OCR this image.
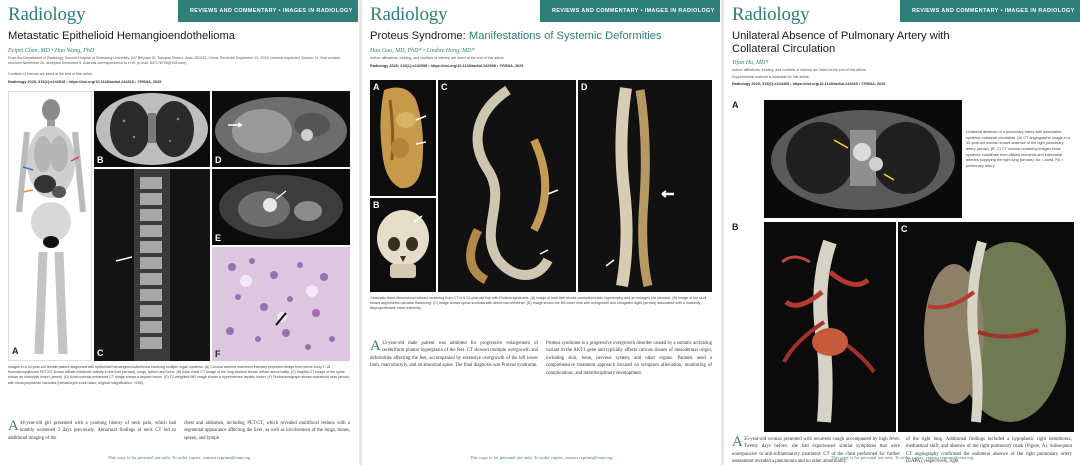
Radiology	REVIEWS AND COMMENTARY • IMAGES IN RADIOLOGY
Metastatic Epithelioid Hemangioendothelioma
Peipei Chen, MD • Hao Wang, PhD
From the Department of Radiology, Second Hospital of Shandong University, 247 Beiyuan St, Tianqiao District, Jinan 250033, China. Received September 19, 2024; revision requested October 21; final revision received November 26; accepted December 6. Address correspondence to H.W. (e-mail: 847176755@163.com).
Conflicts of interest are listed at the end of this article.
Radiology 2025; 315(1):e242818 • https://doi.org/10.1148/radiol.242818 • ©RSNA, 2025
A
B	D
C
E
F
Images in a 44-year-old female patient diagnosed with epithelioid hemangioendothelioma involving multiple organ systems. (A) Coronal anterior maximum intensity projection image from whole-body F-18 fluorodeoxyglucose PET/CT shows diffuse metabolic activity in the liver (arrows), lungs, spleen and bone. (B) Axial chest CT image of the lung window shows diffuse abnormality. (C) Sagittal CT image of the spine shows an osteolytic lesion (arrow). (D) Axial contrast-enhanced CT image shows a hepatic lesion. (E) T2-weighted MR image shows a hyperintense hepatic lesion. (F) Photomicrograph shows epithelioid cells (arrow) with intracytoplasmic vacuoles (hematoxylin-eosin stain; original magnification, ×200).
A 44-year-old girl presented with a yearlong history of neck pain, which had notably worsened 2 days previously. Abnormal findings at neck CT led to additional imaging of the
chest and abdomen, including PET/CT, which revealed multifocal lesions with a segmental appearance affecting the liver, as well as involvement of the lungs, bones, spleen, and lymph
This copy is for personal use only. To order copies, contact reprints@rsna.org
Radiology	REVIEWS AND COMMENTARY • IMAGES IN RADIOLOGY
Proteus Syndrome: Manifestations of Systemic Deformities
Hao Guo, MD, PhD* • Lindsie Hong, MD*
Author affiliations, funding, and conflicts of interest are listed at the end of this article.
Radiology 2025; 315(1):e242998 • https://doi.org/10.1148/radiol.242998 • ©RSNA, 2025
A
B
C	D
Cinematic three-dimensional volume rendering from CT in a 13-year-old boy with Proteus syndrome. (A) Image of both feet shows cerebriform sole hypertrophy and an enlarged toe (arrows). (B) Image of the skull shows asymmetric calvarial thickening. (C) Image shows spinal scoliosis with abnormal vertebrae. (D) Image shows the left lower limb with overgrowth and elongated digits (arrows) associated with a markedly disproportionate lower extremity.
A 13-year-old male patient was admitted for progressive enlargement of cerebriform plantar hyperplasia of the feet. CT showed multiple overgrowth and deformities affecting the feet, accompanied by extensive overgrowth of the left lower limb, macrodactyly, and an abnormal spine. The final diagnosis was Proteus syndrome.
Proteus syndrome is a progressive overgrowth disorder caused by a somatic activating variant in the AKT1 gene and typically affects various tissues of mesodermal origin, including skin, bone, nervous system, and other organs. Patients need a comprehensive treatment approach focused on symptom alleviation, monitoring of complications, and interdisciplinary development.
This copy is for personal use only. To order copies, contact reprints@rsna.org
Radiology	REVIEWS AND COMMENTARY • IMAGES IN RADIOLOGY
Unilateral Absence of Pulmonary Artery with Collateral Circulation
Yifan Hu, MD*
Author affiliations, funding, and conflicts of interest are listed at the end of this article.
Supplemental material is available for this article.
Radiology 2025; 315(1):e243465 • https://doi.org/10.1148/radiol.243465 • ©RSNA, 2025
A
Unilateral absence of a pulmonary artery with associated systemic collateral circulation. (A) CT angiographic image in a 35-year-old woman shows absence of the right pulmonary artery (arrow). (B, C) CT volume-rendering images show systemic collaterals from dilated bronchial and intercostal arteries supplying the right lung (arrows). Ao = aorta, PA = pulmonary artery.
B	C
A 35-year-old woman presented with recurrent cough accompanied by high fever. Twenty days before, she had experienced similar symptoms that were unresponsive to anti-inflammatory treatment. CT of the chest performed for further assessment revealed a pneumonia and no other abnormality.
of the right lung. Additional findings included a hypoplastic right hemithorax, mediastinal shift, and absence of the right pulmonary trunk (Figure, A). Subsequent CT angiography confirmed the unilateral absence of the right pulmonary artery (UAPA), respectively, right
This copy is for personal use only. To order copies, contact reprints@rsna.org
